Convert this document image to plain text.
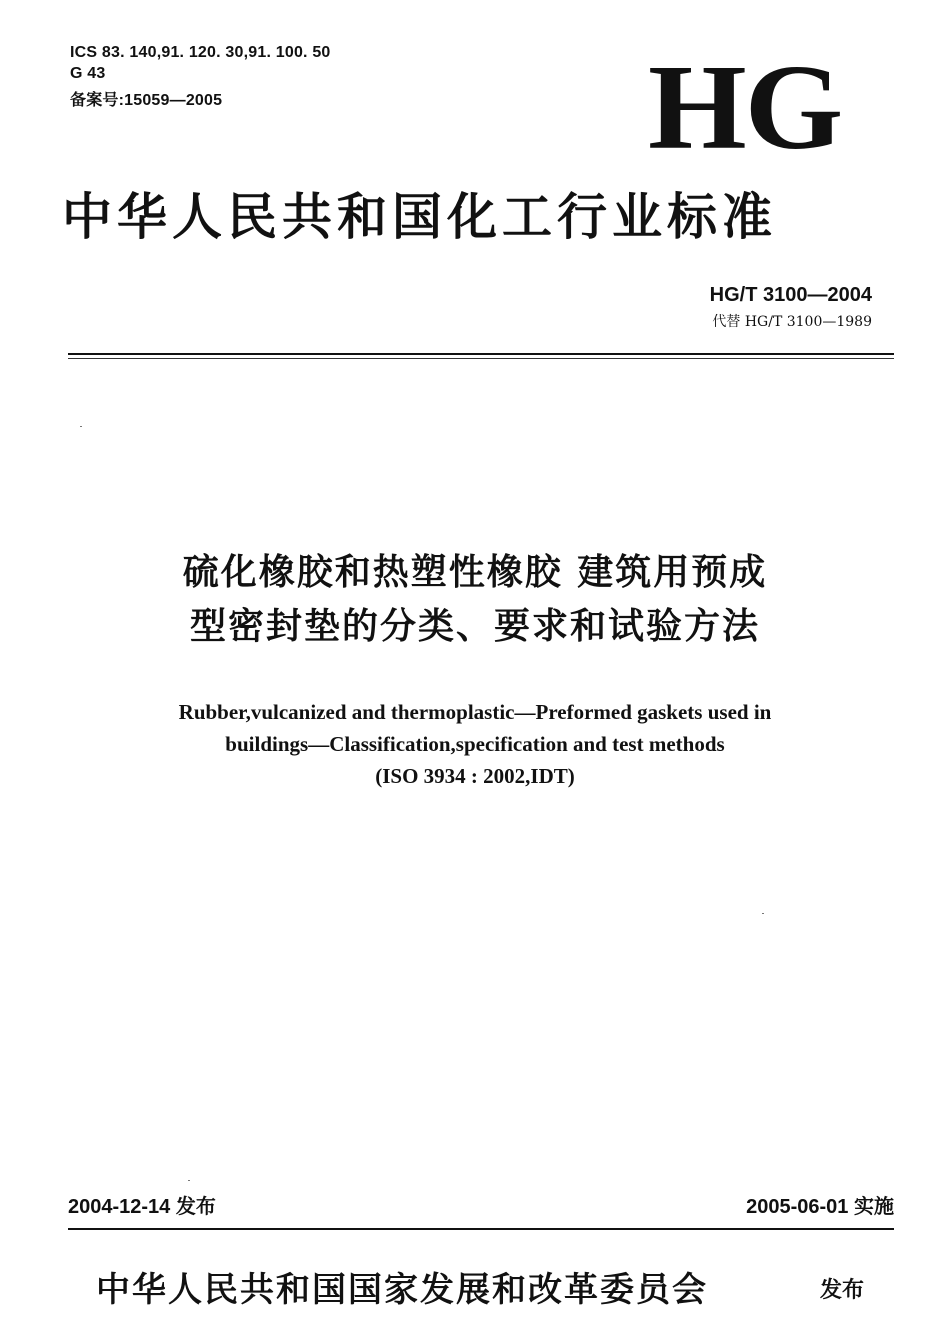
ICS 83. 140,91. 120. 30,91. 100. 50
G 43
备案号:15059—2005	HG
中华人民共和国化工行业标准
HG/T 3100—2004
代替 HG/T 3100—1989
硫化橡胶和热塑性橡胶 建筑用预成
型密封垫的分类、要求和试验方法
Rubber,vulcanized and thermoplastic—Preformed gaskets used in
buildings—Classification,specification and test methods
(ISO 3934 : 2002,IDT)
2004-12-14 发布	2005-06-01 实施
中华人民共和国国家发展和改革委员会	发布
